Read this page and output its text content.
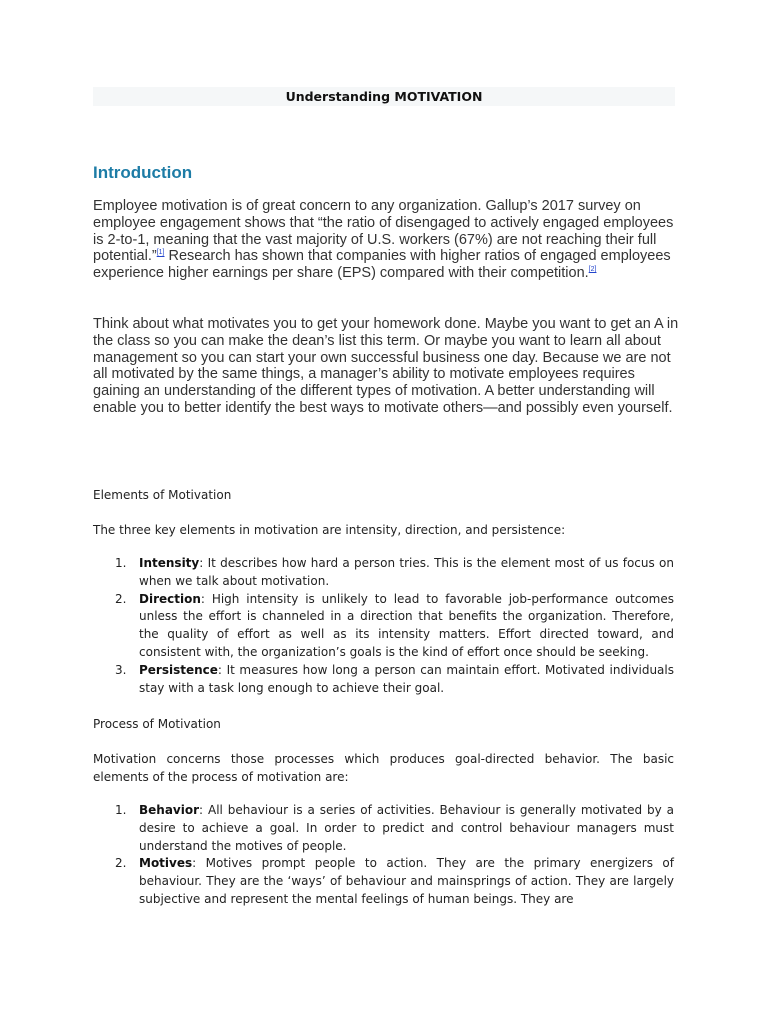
Understanding MOTIVATION
Introduction

Employee motivation is of great concern to any organization. Gallup’s 2017 survey on employee engagement shows that “the ratio of disengaged to actively engaged employees is 2-to-1, meaning that the vast majority of U.S. workers (67%) are not reaching their full potential.”[1] Research has shown that companies with higher ratios of engaged employees experience higher earnings per share (EPS) compared with their competition.[2]

Think about what motivates you to get your homework done. Maybe you want to get an A in the class so you can make the dean’s list this term. Or maybe you want to learn all about management so you can start your own successful business one day. Because we are not all motivated by the same things, a manager’s ability to motivate employees requires gaining an understanding of the different types of motivation. A better understanding will enable you to better identify the best ways to motivate others—and possibly even yourself.

Elements of Motivation

The three key elements in motivation are intensity, direction, and persistence:

1. Intensity: It describes how hard a person tries. This is the element most of us focus on when we talk about motivation.
2. Direction: High intensity is unlikely to lead to favorable job-performance outcomes unless the effort is channeled in a direction that benefits the organization. Therefore, the quality of effort as well as its intensity matters. Effort directed toward, and consistent with, the organization’s goals is the kind of effort once should be seeking.
3. Persistence: It measures how long a person can maintain effort. Motivated individuals stay with a task long enough to achieve their goal.

Process of Motivation

Motivation concerns those processes which produces goal-directed behavior. The basic elements of the process of motivation are:

1. Behavior: All behaviour is a series of activities. Behaviour is generally motivated by a desire to achieve a goal. In order to predict and control behaviour managers must understand the motives of people.
2. Motives: Motives prompt people to action. They are the primary energizers of behaviour. They are the ‘ways’ of behaviour and mainsprings of action. They are largely subjective and represent the mental feelings of human beings. They are
